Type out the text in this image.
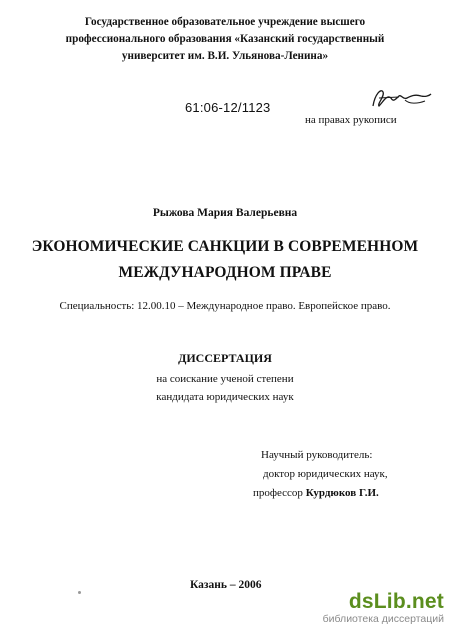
Государственное образовательное учреждение высшего
профессионального образования «Казанский государственный
университет им. В.И. Ульянова-Ленина»
61:06-12/1123
на правах рукописи
Рыжова Мария Валерьевна
ЭКОНОМИЧЕСКИЕ САНКЦИИ В СОВРЕМЕННОМ
МЕЖДУНАРОДНОМ ПРАВЕ
Специальность: 12.00.10 – Международное право. Европейское право.
ДИССЕРТАЦИЯ
на соискание ученой степени
кандидата юридических наук
Научный руководитель:
доктор юридических наук,
профессор Курдюков Г.И.
Казань – 2006
ds Lib.net
библиотека диссертаций
